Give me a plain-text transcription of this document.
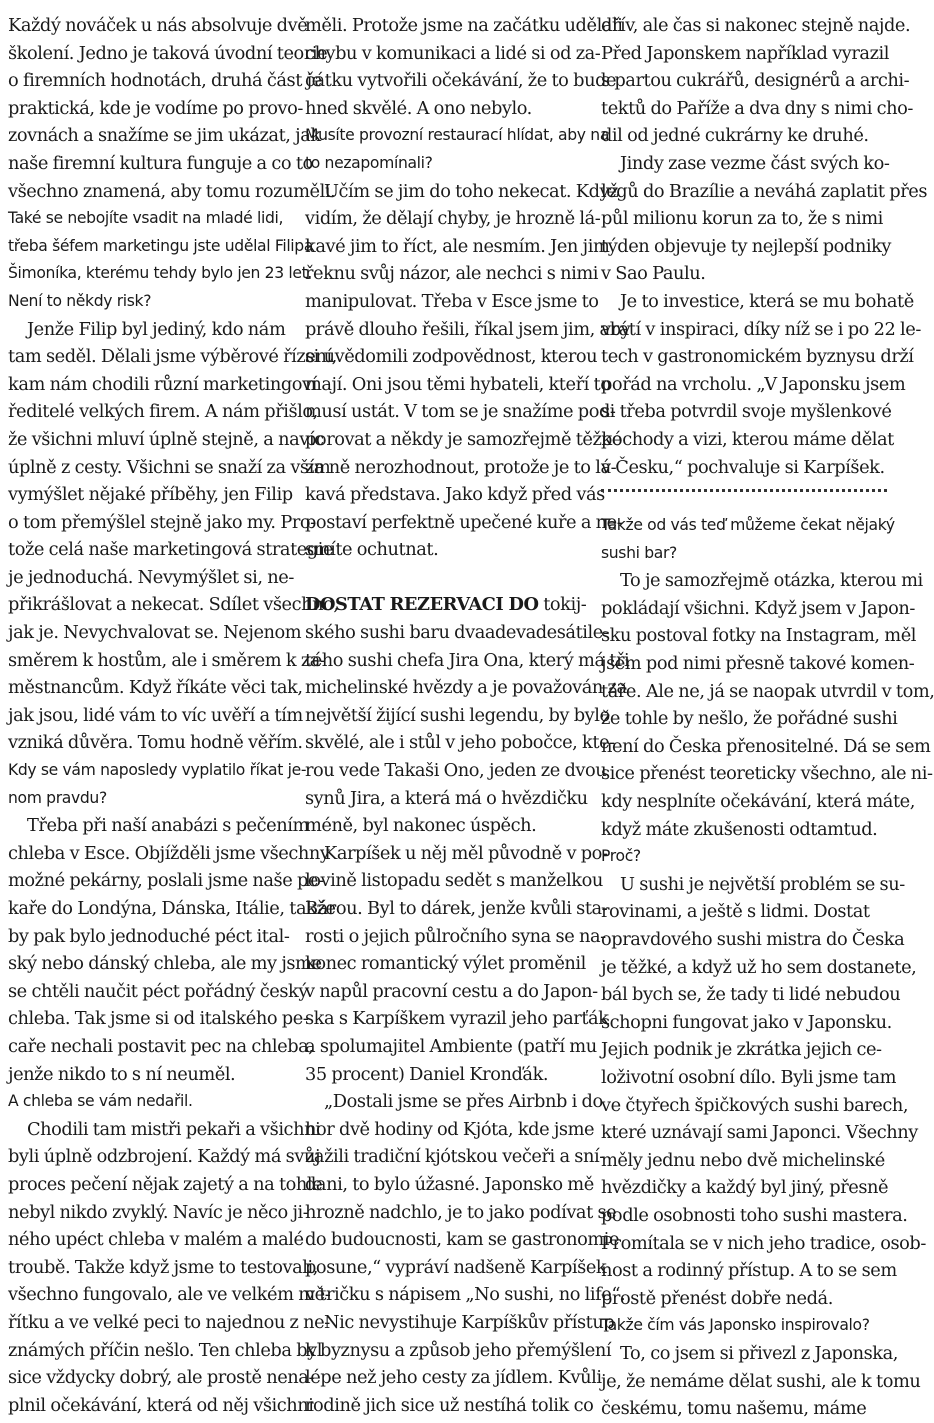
Každý nováček u nás absolvuje dvě
školení. Jedno je taková úvodní teorie
o firemních hodnotách, druhá část je
praktická, kde je vodíme po provo-
zovnách a snažíme se jim ukázat, jak
naše firemní kultura funguje a co to
všechno znamená, aby tomu rozuměli.
Také se nebojíte vsadit na mladé lidi,
třeba šéfem marketingu jste udělal Filipa
Šimoníka, kterému tehdy bylo jen 23 let.
Není to někdy risk?
Jenže Filip byl jediný, kdo nám
tam seděl. Dělali jsme výběrové řízení,
kam nám chodili různí marketingoví
ředitelé velkých firem. A nám přišlo,
že všichni mluví úplně stejně, a navíc
úplně z cesty. Všichni se snaží za vším
vymýšlet nějaké příběhy, jen Filip
o tom přemýšlel stejně jako my. Pro-
tože celá naše marketingová strategie
je jednoduchá. Nevymýšlet si, ne-
přikrášlovat a nekecat. Sdílet všechno,
jak je. Nevychvalovat se. Nejenom
směrem k hostům, ale i směrem k za-
městnancům. Když říkáte věci tak,
jak jsou, lidé vám to víc uvěří a tím
vzniká důvěra. Tomu hodně věřím.
Kdy se vám naposledy vyplatilo říkat je-
nom pravdu?
Třeba při naší anabázi s pečením
chleba v Esce. Objížděli jsme všechny
možné pekárny, poslali jsme naše pe-
kaře do Londýna, Dánska, Itálie, takže
by pak bylo jednoduché péct ital-
ský nebo dánský chleba, ale my jsme
se chtěli naučit péct pořádný český
chleba. Tak jsme si od italského pe-
caře nechali postavit pec na chleba,
jenže nikdo to s ní neuměl.
A chleba se vám nedařil.
Chodili tam mistři pekaři a všichni
byli úplně odzbrojení. Každý má svůj
proces pečení nějak zajetý a na tohle
nebyl nikdo zvyklý. Navíc je něco ji-
ného upéct chleba v malém a malé
troubě. Takže když jsme to testovali,
všechno fungovalo, ale ve velkém mě-
řítku a ve velké peci to najednou z ne-
známých příčin nešlo. Ten chleba byl
sice vždycky dobrý, ale prostě nena-
plnil očekávání, která od něj všichni
měli. Protože jsme na začátku udělali
chybu v komunikaci a lidé si od za-
čátku vytvořili očekávání, že to bude
hned skvělé. A ono nebylo.
Musíte provozní restaurací hlídat, aby na
to nezapomínali?
Učím se jim do toho nekecat. Když
vidím, že dělají chyby, je hrozně lá-
kavé jim to říct, ale nesmím. Jen jim
řeknu svůj názor, ale nechci s nimi
manipulovat. Třeba v Esce jsme to
právě dlouho řešili, říkal jsem jim, aby
si uvědomili zodpovědnost, kterou
mají. Oni jsou těmi hybateli, kteří to
musí ustát. V tom se je snažíme pod-
porovat a někdy je samozřejmě těžké
za ně nerozhodnout, protože je to lá-
kavá představa. Jako když před vás
postaví perfektně upečené kuře a ne-
smíte ochutnat.
DOSTAT REZERVACI DO tokij-
ského sushi baru dvaadevadesátile-
tého sushi chefa Jira Ona, který má tři
michelinské hvězdy a je považován za
největší žijící sushi legendu, by bylo
skvělé, ale i stůl v jeho pobočce, kte-
rou vede Takaši Ono, jeden ze dvou
synů Jira, a která má o hvězdičku
méně, byl nakonec úspěch.
Karpíšek u něj měl původně v po-
lovině listopadu sedět s manželkou
Bárou. Byl to dárek, jenže kvůli sta-
rosti o jejich půlročního syna se na-
konec romantický výlet proměnil
v napůl pracovní cestu a do Japon-
ska s Karpíškem vyrazil jeho parťák
a spolumajitel Ambiente (patří mu
35 procent) Daniel Kronďák.
„Dostali jsme se přes Airbnb i do
hor dvě hodiny od Kjóta, kde jsme
zažili tradiční kjótskou večeři a sní-
dani, to bylo úžasné. Japonsko mě
hrozně nadchlo, je to jako podívat se
do budoucnosti, kam se gastronomie
posune,“ vypráví nadšeně Karpíšek
v tričku s nápisem „No sushi, no life“.
Nic nevystihuje Karpíškův přístup
k byznysu a způsob jeho přemýšlení
lépe než jeho cesty za jídlem. Kvůli
rodině jich sice už nestíhá tolik co
dřív, ale čas si nakonec stejně najde.
Před Japonskem například vyrazil
s partou cukrářů, designérů a archi-
tektů do Paříže a dva dny s nimi cho-
dil od jedné cukrárny ke druhé.
Jindy zase vezme část svých ko-
legů do Brazílie a neváhá zaplatit přes
půl milionu korun za to, že s nimi
týden objevuje ty nejlepší podniky
v Sao Paulu.
Je to investice, která se mu bohatě
vrátí v inspiraci, díky níž se i po 22 le-
tech v gastronomickém byznysu drží
pořád na vrcholu. „V Japonsku jsem
si třeba potvrdil svoje myšlenkové
pochody a vizi, kterou máme dělat
v Česku,“ pochvaluje si Karpíšek.
Takže od vás teď můžeme čekat nějaký
sushi bar?
To je samozřejmě otázka, kterou mi
pokládají všichni. Když jsem v Japon-
sku postoval fotky na Instagram, měl
jsem pod nimi přesně takové komen-
táře. Ale ne, já se naopak utvrdil v tom,
že tohle by nešlo, že pořádné sushi
není do Česka přenositelné. Dá se sem
sice přenést teoreticky všechno, ale ni-
kdy nesplníte očekávání, která máte,
když máte zkušenosti odtamtud.
Proč?
U sushi je největší problém se su-
rovinami, a ještě s lidmi. Dostat
opravdového sushi mistra do Česka
je těžké, a když už ho sem dostanete,
bál bych se, že tady ti lidé nebudou
schopni fungovat jako v Japonsku.
Jejich podnik je zkrátka jejich ce-
loživotní osobní dílo. Byli jsme tam
ve čtyřech špičkových sushi barech,
které uznávají sami Japonci. Všechny
měly jednu nebo dvě michelinské
hvězdičky a každý byl jiný, přesně
podle osobnosti toho sushi mastera.
Promítala se v nich jeho tradice, osob-
nost a rodinný přístup. A to se sem
prostě přenést dobře nedá.
Takže čím vás Japonsko inspirovalo?
To, co jsem si přivezl z Japonska,
je, že nemáme dělat sushi, ale k tomu
českému, tomu našemu, máme
